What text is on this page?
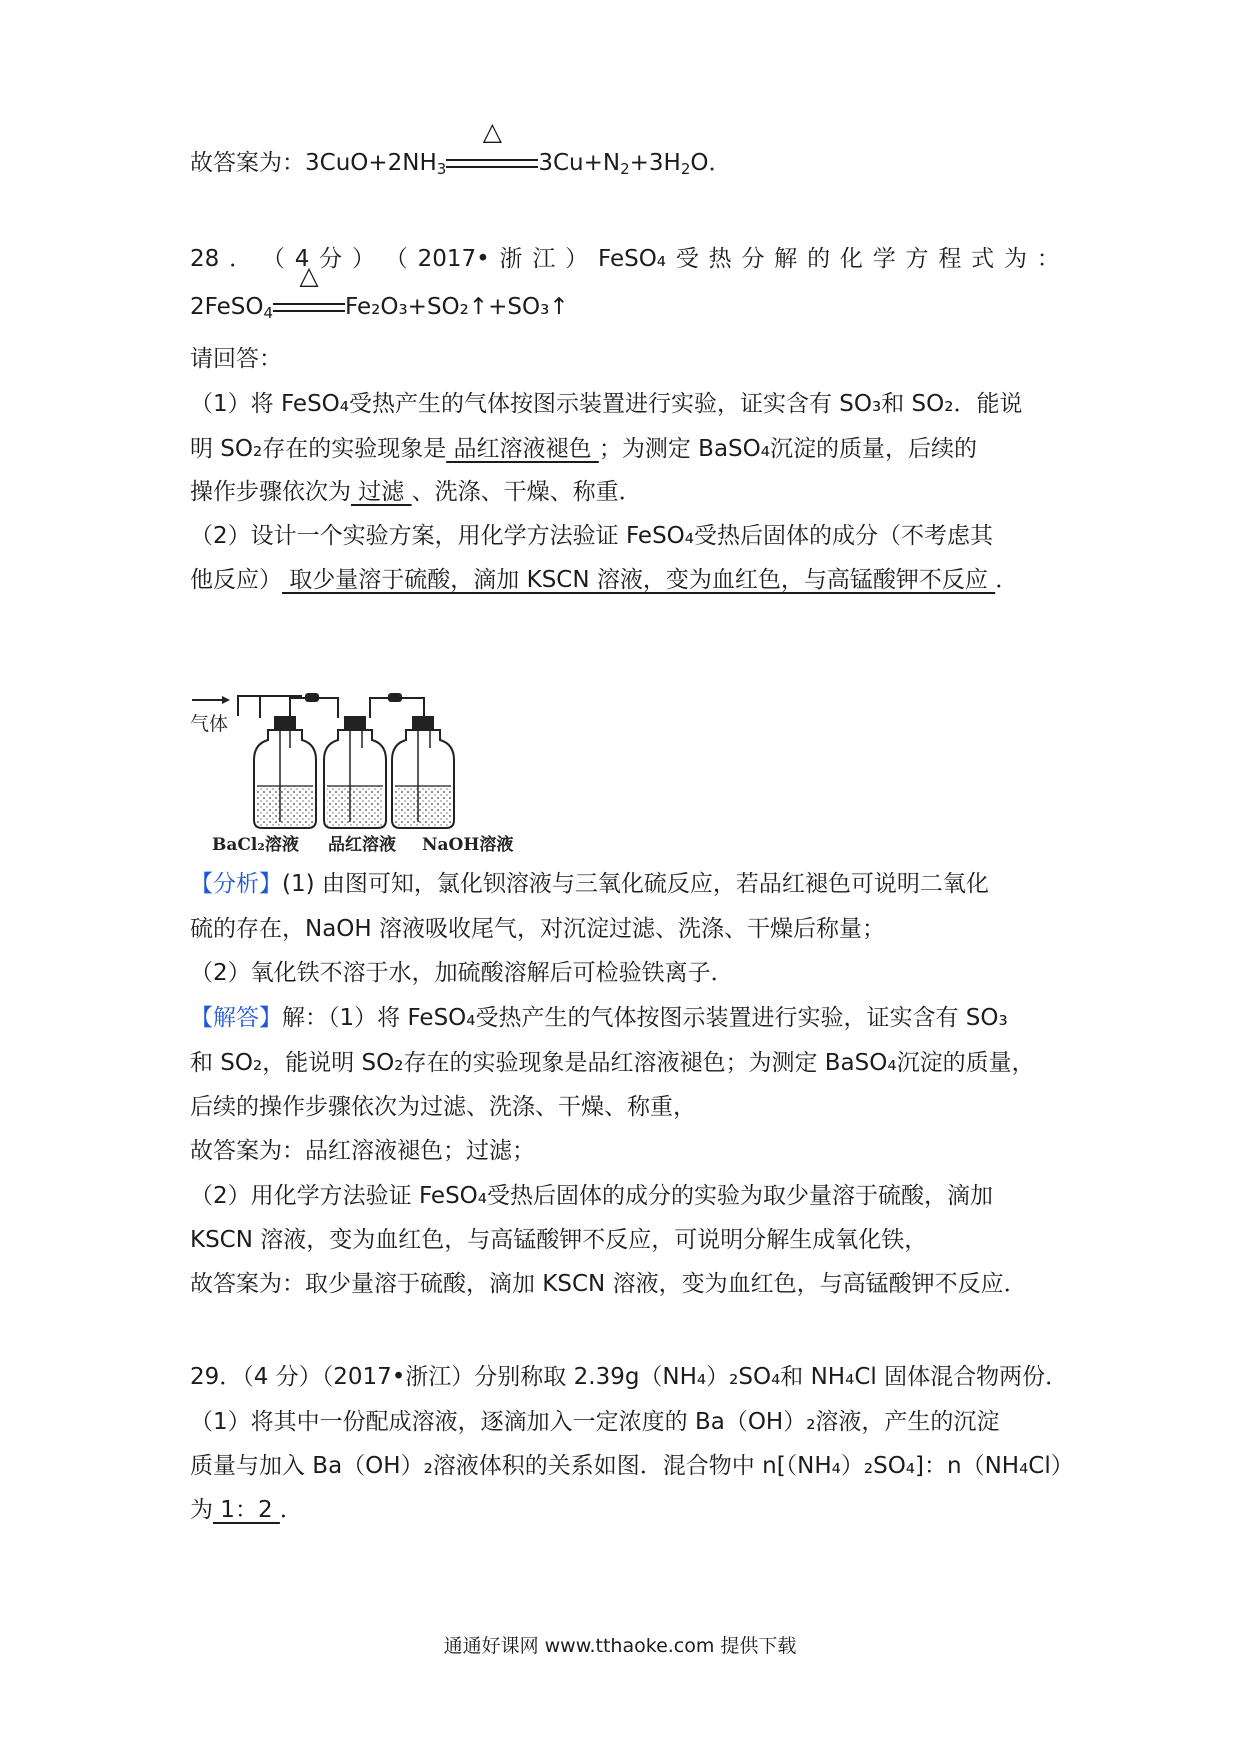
故答案为：$3CuO+2NH_3$
△
$3Cu+N_2+3H_2O$．
28 ． （ 4 分 ） （ 2017• 浙 江 ） FeSO₄ 受 热 分 解 的 化 学 方 程 式 为 ：
2FeSO$_4$
△
Fe₂O₃+SO₂↑+SO₃↑
请回答：
（1）将 FeSO₄受热产生的气体按图示装置进行实验，证实含有 SO₃和 SO₂．能说
明 SO₂存在的实验现象是 品红溶液褪色 ；为测定 BaSO₄沉淀的质量，后续的
操作步骤依次为 过滤 、洗涤、干燥、称重．
（2）设计一个实验方案，用化学方法验证 FeSO₄受热后固体的成分（不考虑其
他反应） 取少量溶于硫酸，滴加 KSCN 溶液，变为血红色，与高锰酸钾不反应 ．
气体
BaCl₂溶液 品红溶液 NaOH溶液
【分析】(1) 由图可知，氯化钡溶液与三氧化硫反应，若品红褪色可说明二氧化
硫的存在，NaOH 溶液吸收尾气，对沉淀过滤、洗涤、干燥后称量；
（2）氧化铁不溶于水，加硫酸溶解后可检验铁离子．
【解答】解：（1）将 FeSO₄受热产生的气体按图示装置进行实验，证实含有 SO₃
和 SO₂，能说明 SO₂存在的实验现象是品红溶液褪色；为测定 BaSO₄沉淀的质量，
后续的操作步骤依次为过滤、洗涤、干燥、称重，
故答案为：品红溶液褪色；过滤；
（2）用化学方法验证 FeSO₄受热后固体的成分的实验为取少量溶于硫酸，滴加
KSCN 溶液，变为血红色，与高锰酸钾不反应，可说明分解生成氧化铁，
故答案为：取少量溶于硫酸，滴加 KSCN 溶液，变为血红色，与高锰酸钾不反应．
29．（4 分）（2017•浙江）分别称取 2.39g（NH₄）₂SO₄和 NH₄Cl 固体混合物两份．
（1）将其中一份配成溶液，逐滴加入一定浓度的 Ba（OH）₂溶液，产生的沉淀
质量与加入 Ba（OH）₂溶液体积的关系如图．混合物中 n[（NH₄）₂SO₄]：n（NH₄Cl）
为 1：2 ．
通通好课网 www.tthaoke.com 提供下载
